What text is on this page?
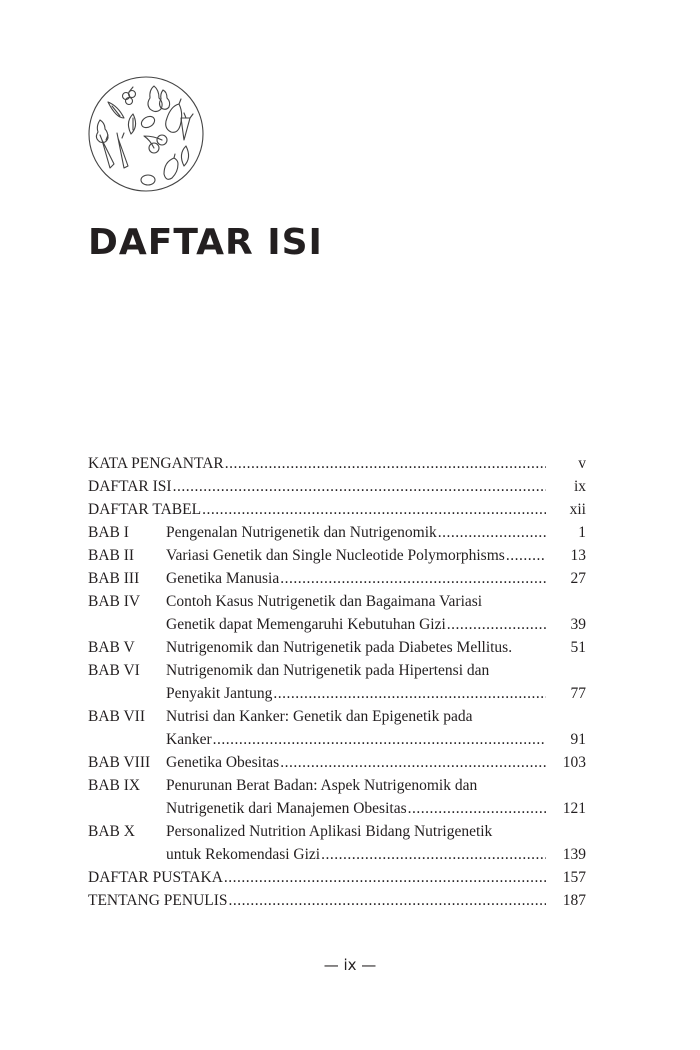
DAFTAR ISI
KATA PENGANTAR .....	v
DAFTAR ISI .....	ix
DAFTAR TABEL .....	xii
BAB I	Pengenalan Nutrigenetik dan Nutrigenomik .....	1
BAB II	Variasi Genetik dan Single Nucleotide Polymorphisms .....	13
BAB III	Genetika Manusia .....	27
BAB IV	Contoh Kasus Nutrigenetik dan Bagaimana Variasi
Genetik dapat Memengaruhi Kebutuhan Gizi .....	39
BAB V	Nutrigenomik dan Nutrigenetik pada Diabetes Mellitus.	51
BAB VI	Nutrigenomik dan Nutrigenetik pada Hipertensi dan
Penyakit Jantung .....	77
BAB VII	Nutrisi dan Kanker: Genetik dan Epigenetik pada
Kanker .....	91
BAB VIII	Genetika Obesitas .....	103
BAB IX	Penurunan Berat Badan: Aspek Nutrigenomik dan
Nutrigenetik dari Manajemen Obesitas .....	121
BAB X	Personalized Nutrition Aplikasi Bidang Nutrigenetik
untuk Rekomendasi Gizi .....	139
DAFTAR PUSTAKA .....	157
TENTANG PENULIS .....	187
— ix —
